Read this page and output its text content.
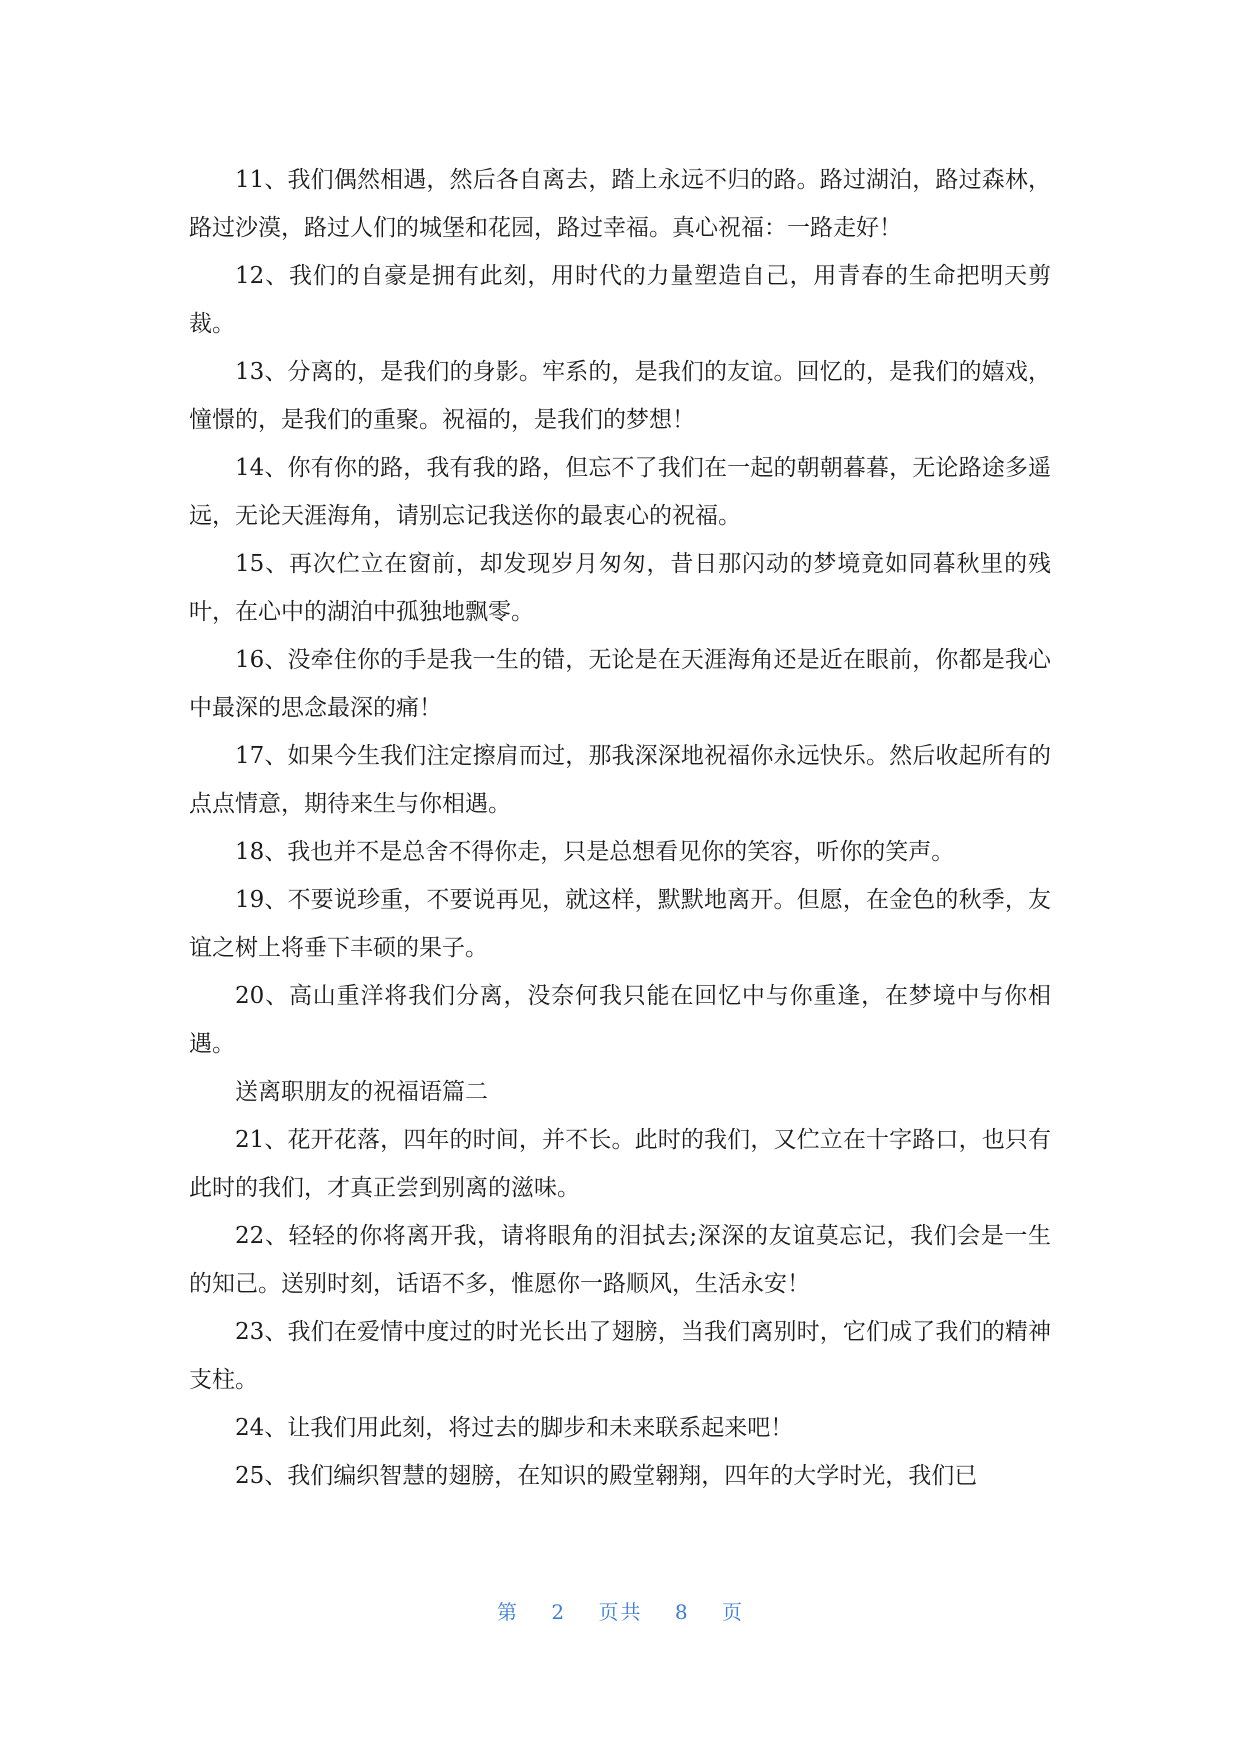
11、我们偶然相遇，然后各自离去，踏上永远不归的路。路过湖泊，路过森林，路过沙漠，路过人们的城堡和花园，路过幸福。真心祝福：一路走好！

12、我们的自豪是拥有此刻，用时代的力量塑造自己，用青春的生命把明天剪裁。

13、分离的，是我们的身影。牢系的，是我们的友谊。回忆的，是我们的嬉戏，憧憬的，是我们的重聚。祝福的，是我们的梦想！

14、你有你的路，我有我的路，但忘不了我们在一起的朝朝暮暮，无论路途多遥远，无论天涯海角，请别忘记我送你的最衷心的祝福。

15、再次伫立在窗前，却发现岁月匆匆，昔日那闪动的梦境竟如同暮秋里的残叶，在心中的湖泊中孤独地飘零。

16、没牵住你的手是我一生的错，无论是在天涯海角还是近在眼前，你都是我心中最深的思念最深的痛！

17、如果今生我们注定擦肩而过，那我深深地祝福你永远快乐。然后收起所有的点点情意，期待来生与你相遇。

18、我也并不是总舍不得你走，只是总想看见你的笑容，听你的笑声。

19、不要说珍重，不要说再见，就这样，默默地离开。但愿，在金色的秋季，友谊之树上将垂下丰硕的果子。

20、高山重洋将我们分离，没奈何我只能在回忆中与你重逢，在梦境中与你相遇。

送离职朋友的祝福语篇二

21、花开花落，四年的时间，并不长。此时的我们，又伫立在十字路口，也只有此时的我们，才真正尝到别离的滋味。

22、轻轻的你将离开我，请将眼角的泪拭去;深深的友谊莫忘记，我们会是一生的知己。送别时刻，话语不多，惟愿你一路顺风，生活永安！

23、我们在爱情中度过的时光长出了翅膀，当我们离别时，它们成了我们的精神支柱。

24、让我们用此刻，将过去的脚步和未来联系起来吧！

25、我们编织智慧的翅膀，在知识的殿堂翱翔，四年的大学时光，我们已

第 2 页共 8 页
